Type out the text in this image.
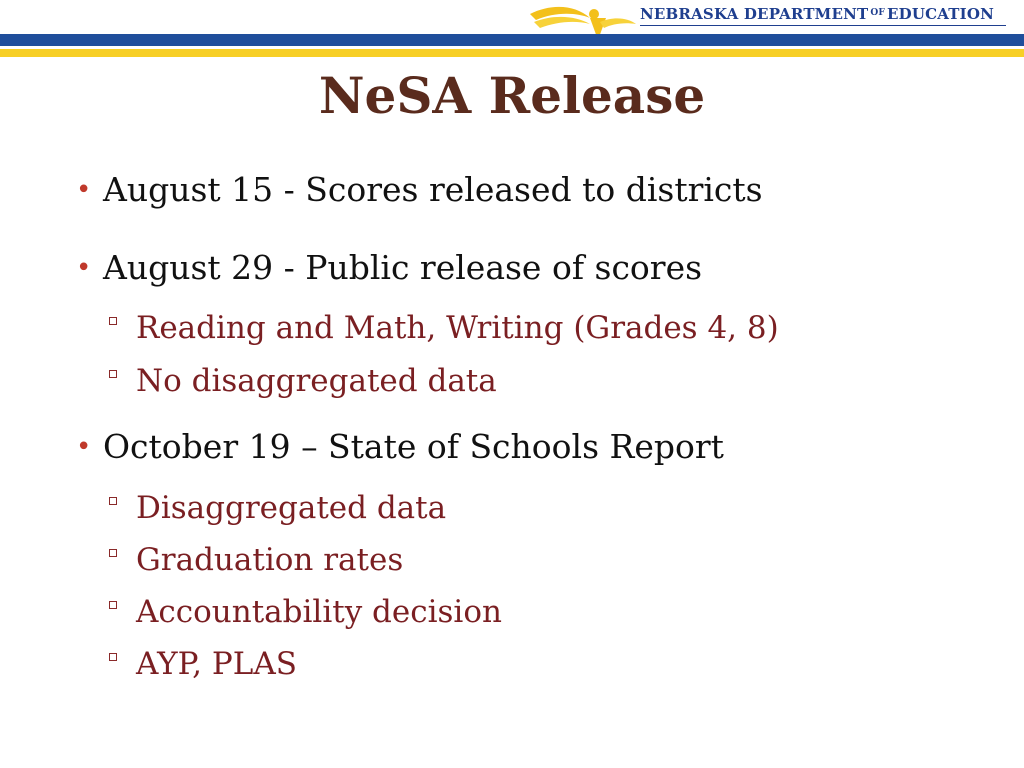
NEBRASKA DEPARTMENT $^{OF}$ EDUCATION
NeSA Release
• August 15 - Scores released to districts
• August 29 - Public release of scores
Reading and Math, Writing (Grades 4, 8)
No disaggregated data
• October 19 – State of Schools Report
Disaggregated data
Graduation rates
Accountability decision
AYP, PLAS
